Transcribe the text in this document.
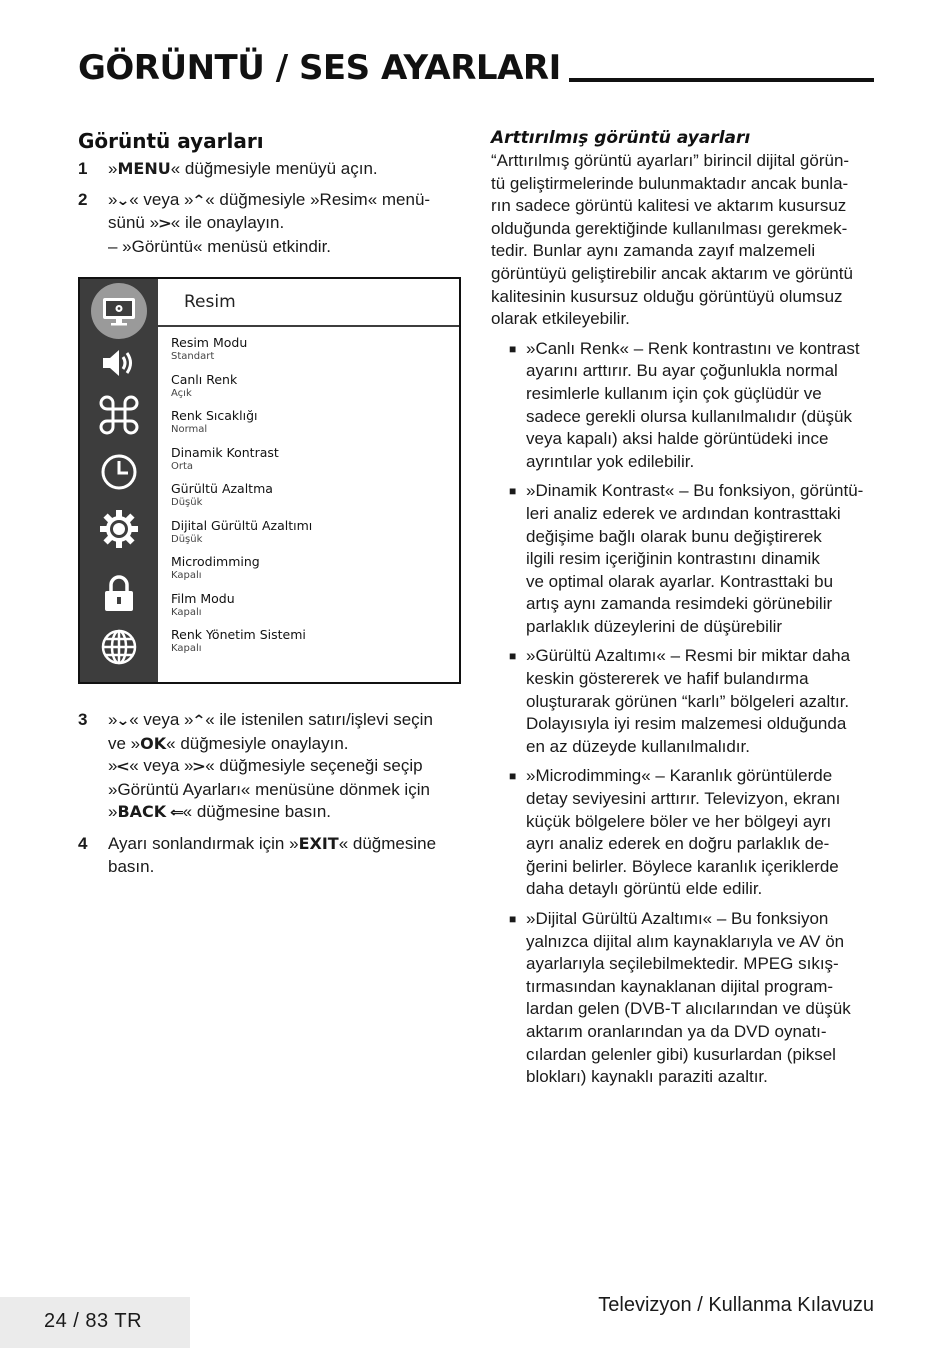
GÖRÜNTÜ / SES AYARLARI
Görüntü ayarları
1	»MENU« düğmesiyle menüyü açın.
2	»⌄« veya »⌃« düğmesiyle »Resim« menü-
sünü »>« ile onaylayın.
– »Görüntü« menüsü etkindir.
Resim
Resim Modu
Standart
Canlı Renk
Açık
Renk Sıcaklığı
Normal
Dinamik Kontrast
Orta
Gürültü Azaltma
Düşük
Dijital Gürültü Azaltımı
Düşük
Microdimming
Kapalı
Film Modu
Kapalı
Renk Yönetim Sistemi
Kapalı
3	»⌄« veya »⌃« ile istenilen satırı/işlevi seçin
ve »OK« düğmesiyle onaylayın.
»<« veya »>« düğmesiyle seçeneği seçip
»Görüntü Ayarları« menüsüne dönmek için
»BACK ⇐« düğmesine basın.
4	Ayarı sonlandırmak için »EXIT« düğmesine
basın.
Arttırılmış görüntü ayarları
“Arttırılmış görüntü ayarları” birincil dijital görün-
tü geliştirmelerinde bulunmaktadır ancak bunla-
rın sadece görüntü kalitesi ve aktarım kusursuz
olduğunda gerektiğinde kullanılması gerekmek-
tedir. Bunlar aynı zamanda zayıf malzemeli
görüntüyü geliştirebilir ancak aktarım ve görüntü
kalitesinin kusursuz olduğu görüntüyü olumsuz
olarak etkileyebilir.
■ »Canlı Renk« – Renk kontrastını ve kontrast
ayarını arttırır. Bu ayar çoğunlukla normal
resimlerle kullanım için çok güçlüdür ve
sadece gerekli olursa kullanılmalıdır (düşük
veya kapalı) aksi halde görüntüdeki ince
ayrıntılar yok edilebilir.
■ »Dinamik Kontrast« – Bu fonksiyon, görüntü-
leri analiz ederek ve ardından kontrasttaki
değişime bağlı olarak bunu değiştirerek
ilgili resim içeriğinin kontrastını dinamik
ve optimal olarak ayarlar. Kontrasttaki bu
artış aynı zamanda resimdeki görünebilir
parlaklık düzeylerini de düşürebilir
■ »Gürültü Azaltımı« – Resmi bir miktar daha
keskin göstererek ve hafif bulandırma
oluşturarak görünen “karlı” bölgeleri azaltır.
Dolayısıyla iyi resim malzemesi olduğunda
en az düzeyde kullanılmalıdır.
■ »Microdimming« – Karanlık görüntülerde
detay seviyesini arttırır. Televizyon, ekranı
küçük bölgelere böler ve her bölgeyi ayrı
ayrı analiz ederek en doğru parlaklık de-
ğerini belirler. Böylece karanlık içeriklerde
daha detaylı görüntü elde edilir.
■ »Dijital Gürültü Azaltımı« – Bu fonksiyon
yalnızca dijital alım kaynaklarıyla ve AV ön
ayarlarıyla seçilebilmektedir. MPEG sıkış-
tırmasından kaynaklanan dijital program-
lardan gelen (DVB-T alıcılarından ve düşük
aktarım oranlarından ya da DVD oynatı-
cılardan gelenler gibi) kusurlardan (piksel
blokları) kaynaklı paraziti azaltır.
24 / 83 TR
Televizyon / Kullanma Kılavuzu
